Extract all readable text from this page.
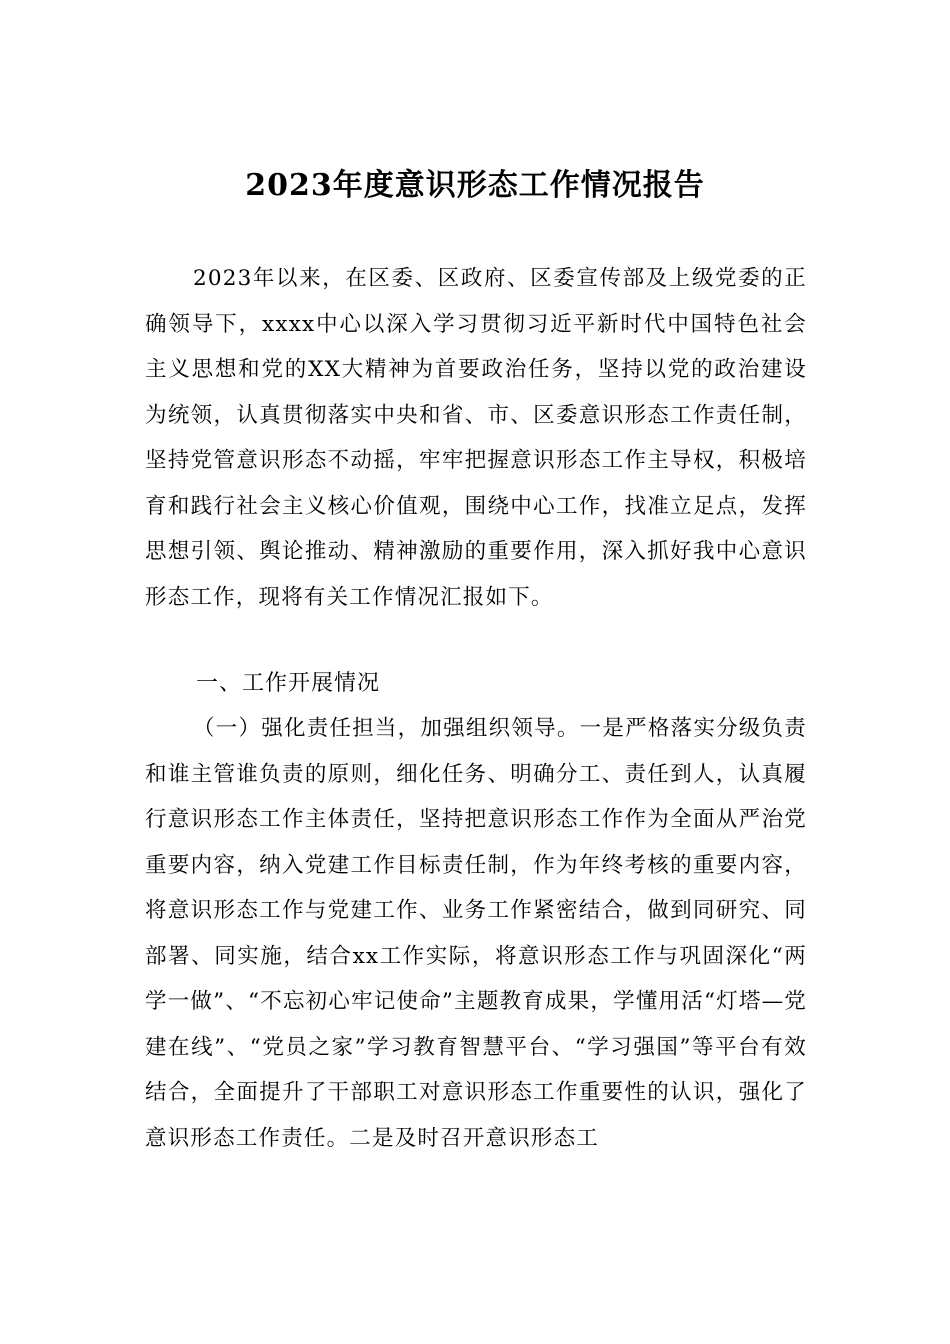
2023年度意识形态工作情况报告
2023年以来，在区委、区政府、区委宣传部及上级党委的正确领导下，xxxx中心以深入学习贯彻习近平新时代中国特色社会主义思想和党的XX大精神为首要政治任务，坚持以党的政治建设为统领，认真贯彻落实中央和省、市、区委意识形态工作责任制，坚持党管意识形态不动摇，牢牢把握意识形态工作主导权，积极培育和践行社会主义核心价值观，围绕中心工作，找准立足点，发挥思想引领、舆论推动、精神激励的重要作用，深入抓好我中心意识形态工作，现将有关工作情况汇报如下。
一、工作开展情况
（一）强化责任担当，加强组织领导。一是严格落实分级负责和谁主管谁负责的原则，细化任务、明确分工、责任到人，认真履行意识形态工作主体责任，坚持把意识形态工作作为全面从严治党重要内容，纳入党建工作目标责任制，作为年终考核的重要内容，将意识形态工作与党建工作、业务工作紧密结合，做到同研究、同部署、同实施，结合xx工作实际，将意识形态工作与巩固深化“两学一做”、“不忘初心牢记使命”主题教育成果，学懂用活“灯塔—党建在线”、“党员之家”学习教育智慧平台、“学习强国”等平台有效结合，全面提升了干部职工对意识形态工作重要性的认识，强化了意识形态工作责任。二是及时召开意识形态工
